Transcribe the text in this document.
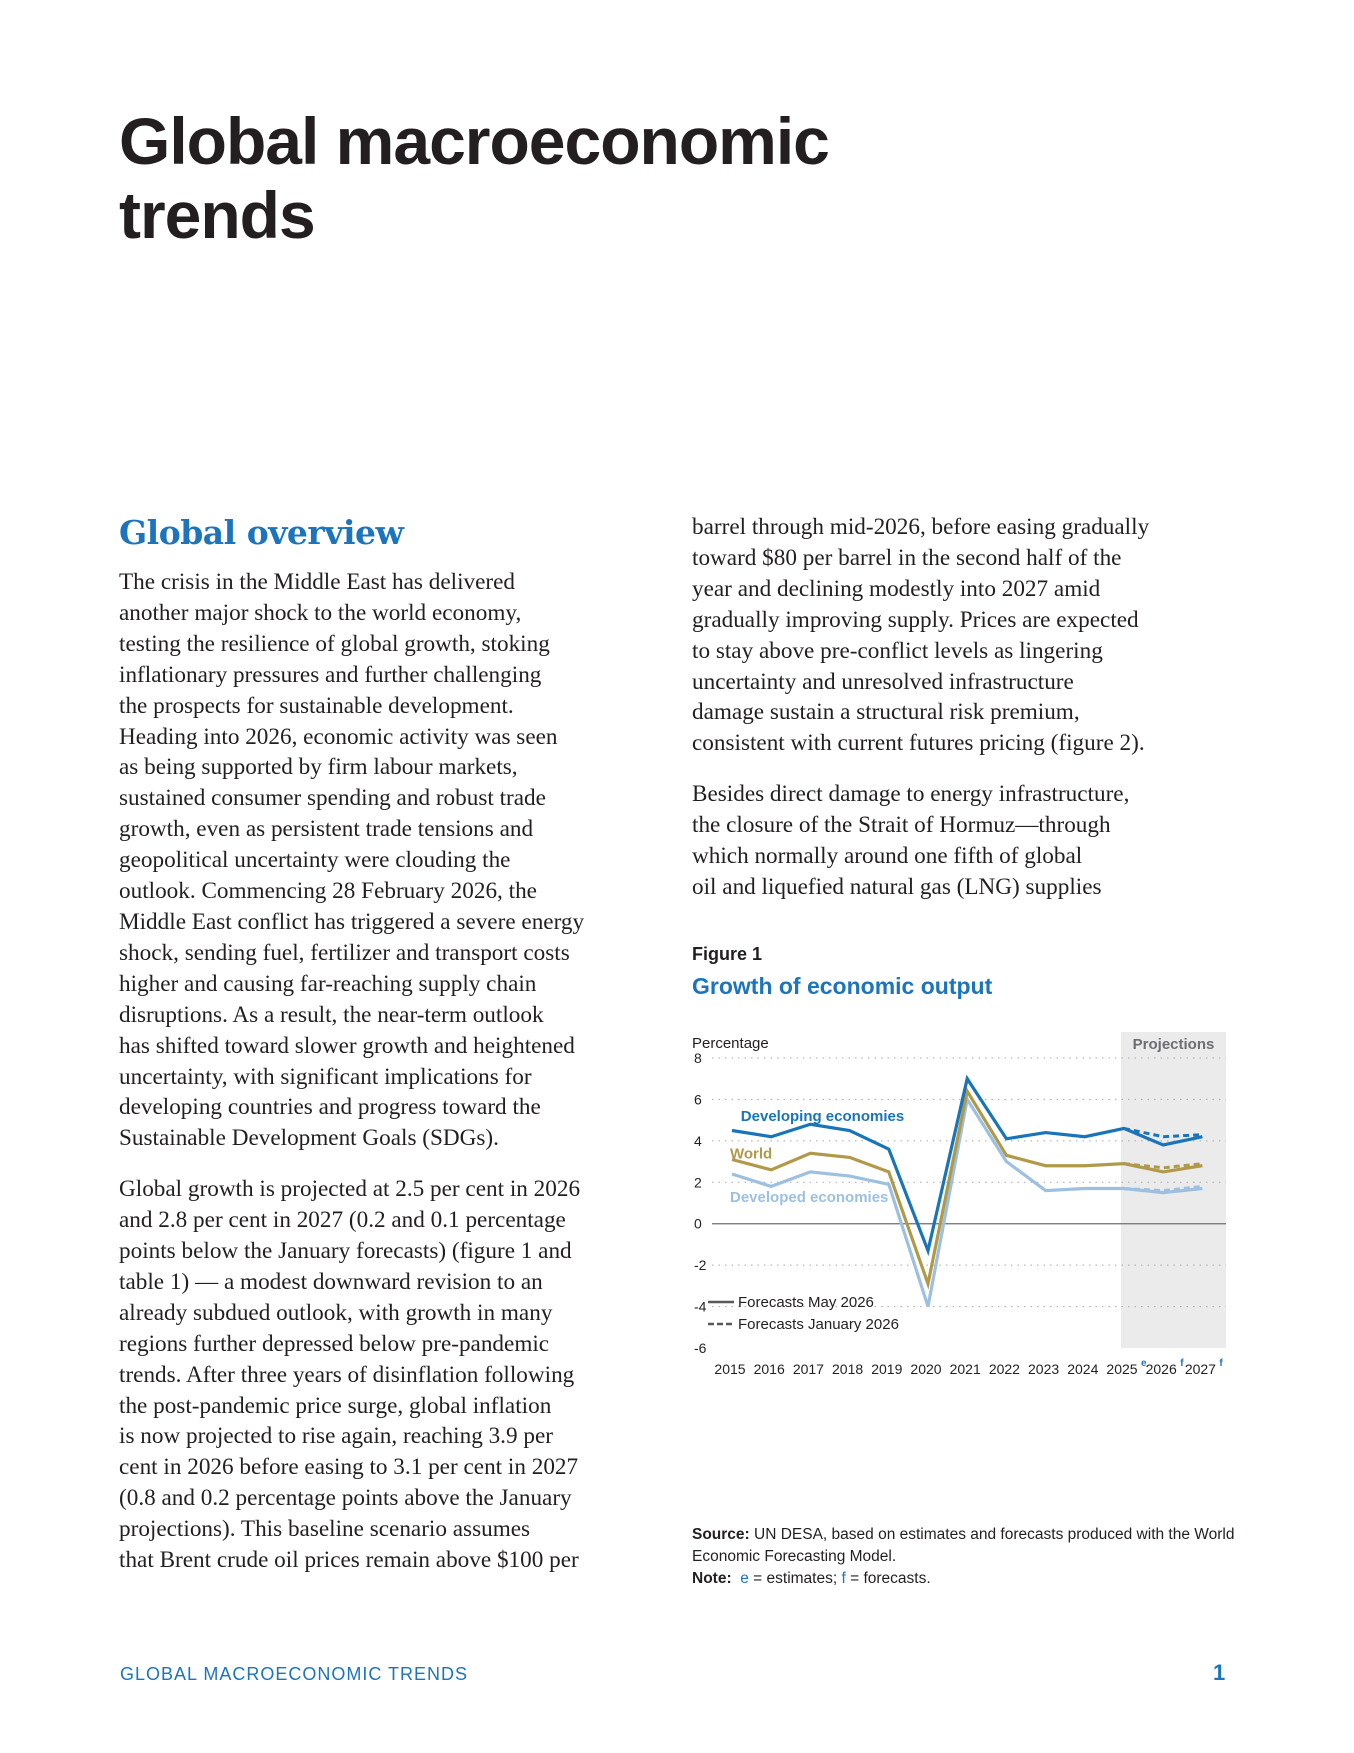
Global macroeconomic trends
Global overview

The crisis in the Middle East has delivered
another major shock to the world economy,
testing the resilience of global growth, stoking
inflationary pressures and further challenging
the prospects for sustainable development.
Heading into 2026, economic activity was seen
as being supported by firm labour markets,
sustained consumer spending and robust trade
growth, even as persistent trade tensions and
geopolitical uncertainty were clouding the
outlook. Commencing 28 February 2026, the
Middle East conflict has triggered a severe energy
shock, sending fuel, fertilizer and transport costs
higher and causing far-reaching supply chain
disruptions. As a result, the near-term outlook
has shifted toward slower growth and heightened
uncertainty, with significant implications for
developing countries and progress toward the
Sustainable Development Goals (SDGs).

Global growth is projected at 2.5 per cent in 2026
and 2.8 per cent in 2027 (0.2 and 0.1 percentage
points below the January forecasts) (figure 1 and
table 1) — a modest downward revision to an
already subdued outlook, with growth in many
regions further depressed below pre-pandemic
trends. After three years of disinflation following
the post-pandemic price surge, global inflation
is now projected to rise again, reaching 3.9 per
cent in 2026 before easing to 3.1 per cent in 2027
(0.8 and 0.2 percentage points above the January
projections). This baseline scenario assumes
that Brent crude oil prices remain above $100 per

barrel through mid-2026, before easing gradually
toward $80 per barrel in the second half of the
year and declining modestly into 2027 amid
gradually improving supply. Prices are expected
to stay above pre-conflict levels as lingering
uncertainty and unresolved infrastructure
damage sustain a structural risk premium,
consistent with current futures pricing (figure 2).

Besides direct damage to energy infrastructure,
the closure of the Strait of Hormuz—through
which normally around one fifth of global
oil and liquefied natural gas (LNG) supplies

Figure 1
Growth of economic output
Projections
Percentage
-6
-4
-2
0
2
4
6
8
2015 2016 2017 2018 2019 2020 2021 2022 2023 2024 2025 e 2026 f 2027 f
Developing economies
World
Developed economies
Forecasts May 2026
Forecasts January 2026
Source: UN DESA, based on estimates and forecasts produced with the World Economic Forecasting Model.
Note: e = estimates; f = forecasts.
GLOBAL MACROECONOMIC TRENDS	1
